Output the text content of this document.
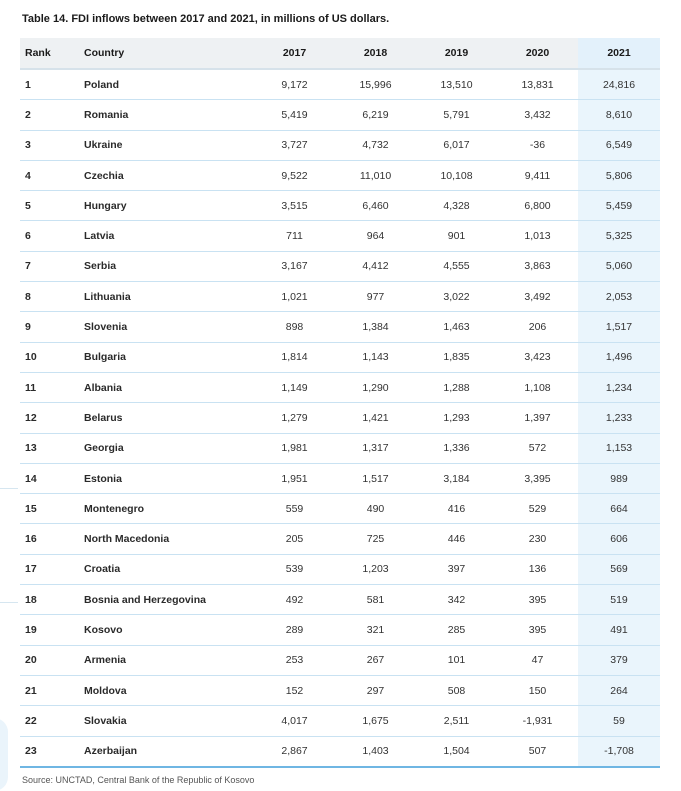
Table 14. FDI inflows between 2017 and 2021, in millions of US dollars.
Rank	Country	2017	2018	2019	2020	2021
1	Poland	9,172	15,996	13,510	13,831	24,816
2	Romania	5,419	6,219	5,791	3,432	8,610
3	Ukraine	3,727	4,732	6,017	-36	6,549
4	Czechia	9,522	11,010	10,108	9,411	5,806
5	Hungary	3,515	6,460	4,328	6,800	5,459
6	Latvia	711	964	901	1,013	5,325
7	Serbia	3,167	4,412	4,555	3,863	5,060
8	Lithuania	1,021	977	3,022	3,492	2,053
9	Slovenia	898	1,384	1,463	206	1,517
10	Bulgaria	1,814	1,143	1,835	3,423	1,496
11	Albania	1,149	1,290	1,288	1,108	1,234
12	Belarus	1,279	1,421	1,293	1,397	1,233
13	Georgia	1,981	1,317	1,336	572	1,153
14	Estonia	1,951	1,517	3,184	3,395	989
15	Montenegro	559	490	416	529	664
16	North Macedonia	205	725	446	230	606
17	Croatia	539	1,203	397	136	569
18	Bosnia and Herzegovina	492	581	342	395	519
19	Kosovo	289	321	285	395	491
20	Armenia	253	267	101	47	379
21	Moldova	152	297	508	150	264
22	Slovakia	4,017	1,675	2,511	-1,931	59
23	Azerbaijan	2,867	1,403	1,504	507	-1,708
Source: UNCTAD, Central Bank of the Republic of Kosovo
